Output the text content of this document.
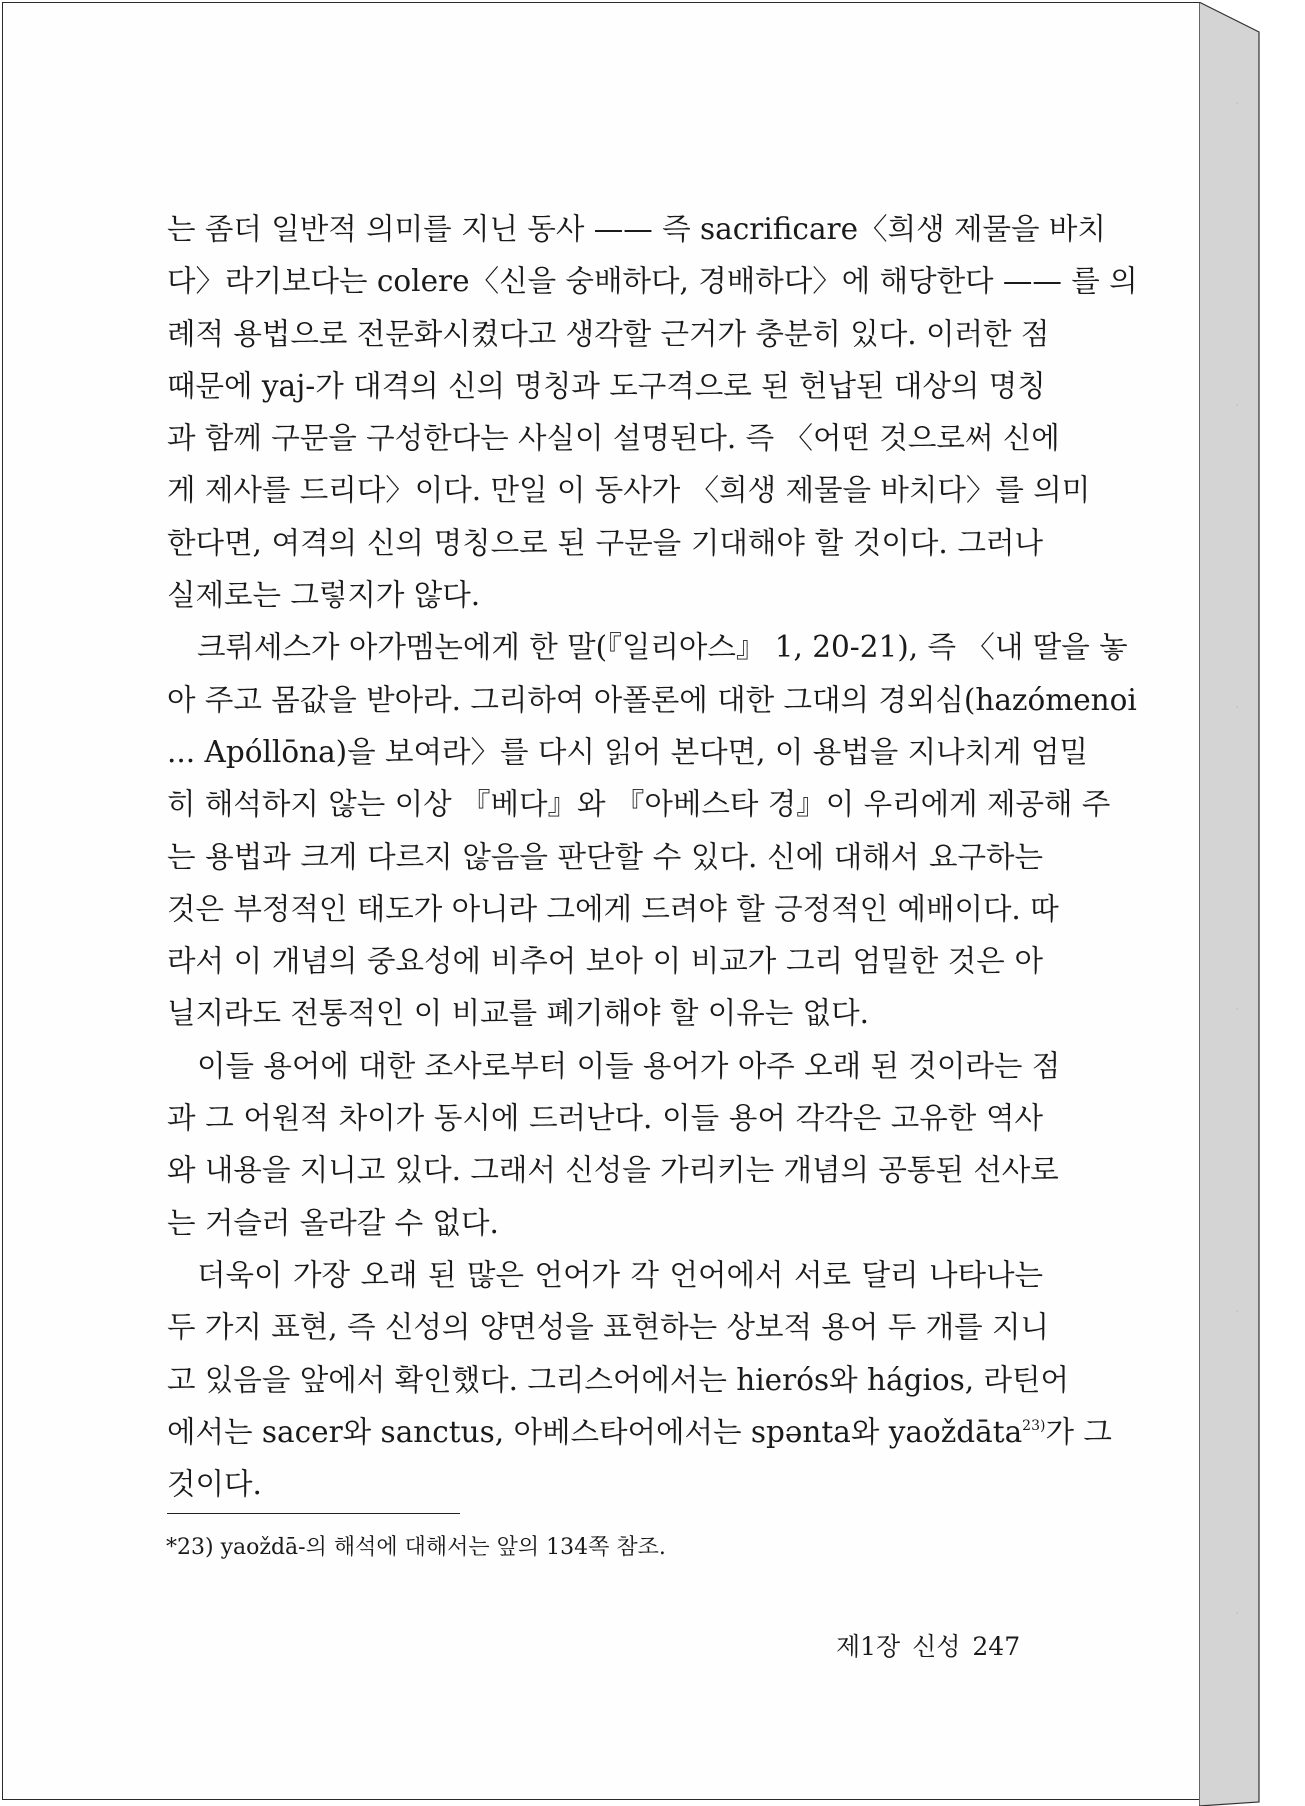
는 좀더 일반적 의미를 지닌 동사 —— 즉 sacrificare〈희생 제물을 바치
다〉라기보다는 colere〈신을 숭배하다, 경배하다〉에 해당한다 —— 를 의
례적 용법으로 전문화시켰다고 생각할 근거가 충분히 있다. 이러한 점
때문에 yaj-가 대격의 신의 명칭과 도구격으로 된 헌납된 대상의 명칭
과 함께 구문을 구성한다는 사실이 설명된다. 즉 〈어떤 것으로써 신에
게 제사를 드리다〉이다. 만일 이 동사가 〈희생 제물을 바치다〉를 의미
한다면, 여격의 신의 명칭으로 된 구문을 기대해야 할 것이다. 그러나
실제로는 그렇지가 않다.
크뤼세스가 아가멤논에게 한 말(『일리아스』 1, 20-21), 즉 〈내 딸을 놓
아 주고 몸값을 받아라. 그리하여 아폴론에 대한 그대의 경외심(hazómenoi
... Apóllōna)을 보여라〉를 다시 읽어 본다면, 이 용법을 지나치게 엄밀
히 해석하지 않는 이상 『베다』와 『아베스타 경』이 우리에게 제공해 주
는 용법과 크게 다르지 않음을 판단할 수 있다. 신에 대해서 요구하는
것은 부정적인 태도가 아니라 그에게 드려야 할 긍정적인 예배이다. 따
라서 이 개념의 중요성에 비추어 보아 이 비교가 그리 엄밀한 것은 아
닐지라도 전통적인 이 비교를 폐기해야 할 이유는 없다.
이들 용어에 대한 조사로부터 이들 용어가 아주 오래 된 것이라는 점
과 그 어원적 차이가 동시에 드러난다. 이들 용어 각각은 고유한 역사
와 내용을 지니고 있다. 그래서 신성을 가리키는 개념의 공통된 선사로
는 거슬러 올라갈 수 없다.
더욱이 가장 오래 된 많은 언어가 각 언어에서 서로 달리 나타나는
두 가지 표현, 즉 신성의 양면성을 표현하는 상보적 용어 두 개를 지니
고 있음을 앞에서 확인했다. 그리스어에서는 hierós와 hágios, 라틴어
에서는 sacer와 sanctus, 아베스타어에서는 spənta와 yaoždāta$^{23)}$가 그
것이다.
*23) yaoždā-의 해석에 대해서는 앞의 134쪽 참조.
제1장 신성 247
